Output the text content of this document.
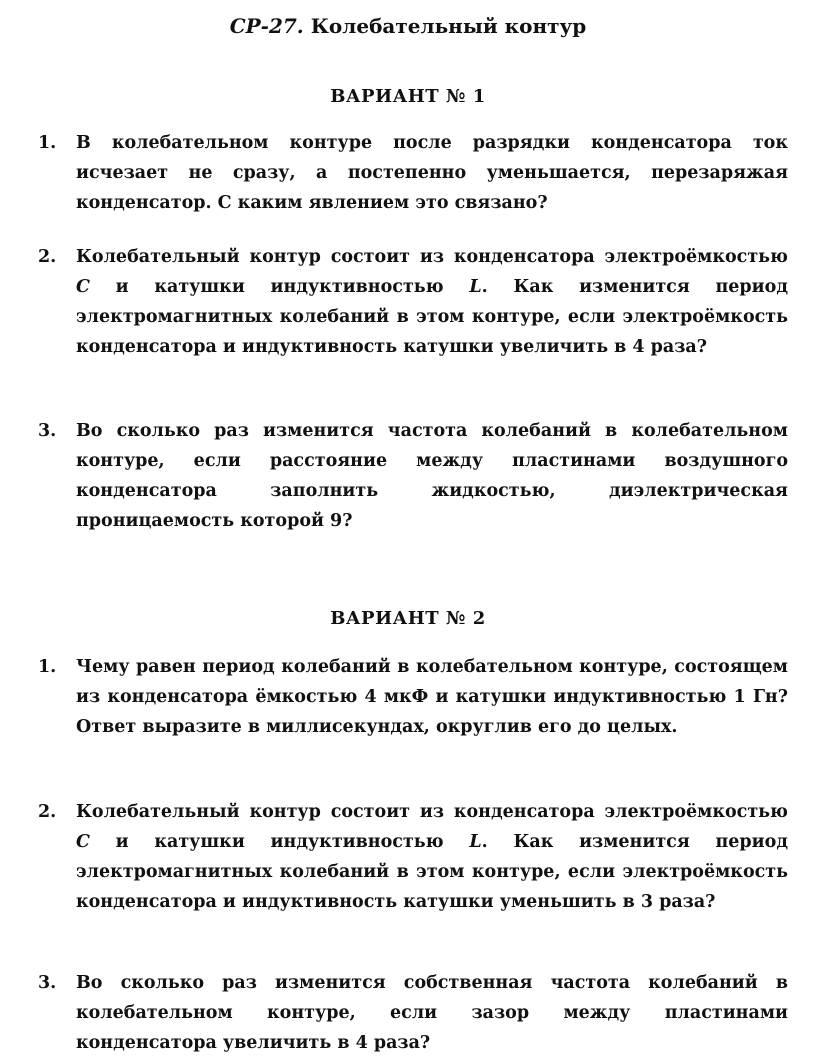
СР-27. Колебательный контур
ВАРИАНТ № 1
1.	В колебательном контуре после разрядки конденсатора ток исчезает не сразу, а постепенно уменьшается, перезаряжая конденсатор. С каким явлением это связано?
2.	Колебательный контур состоит из конденсатора электроёмкостью C и катушки индуктивностью L. Как изменится период электромагнитных колебаний в этом контуре, если электроёмкость конденсатора и индуктивность катушки увеличить в 4 раза?
3.	Во сколько раз изменится частота колебаний в колебательном контуре, если расстояние между пластинами воздушного конденсатора заполнить жидкостью, диэлектрическая проницаемость которой 9?
ВАРИАНТ № 2
1.	Чему равен период колебаний в колебательном контуре, состоящем из конденсатора ёмкостью 4 мкФ и катушки индуктивностью 1 Гн? Ответ выразите в миллисекундах, округлив его до целых.
2.	Колебательный контур состоит из конденсатора электроёмкостью C и катушки индуктивностью L. Как изменится период электромагнитных колебаний в этом контуре, если электроёмкость конденсатора и индуктивность катушки уменьшить в 3 раза?
3.	Во сколько раз изменится собственная частота колебаний в колебательном контуре, если зазор между пластинами конденсатора увеличить в 4 раза?
